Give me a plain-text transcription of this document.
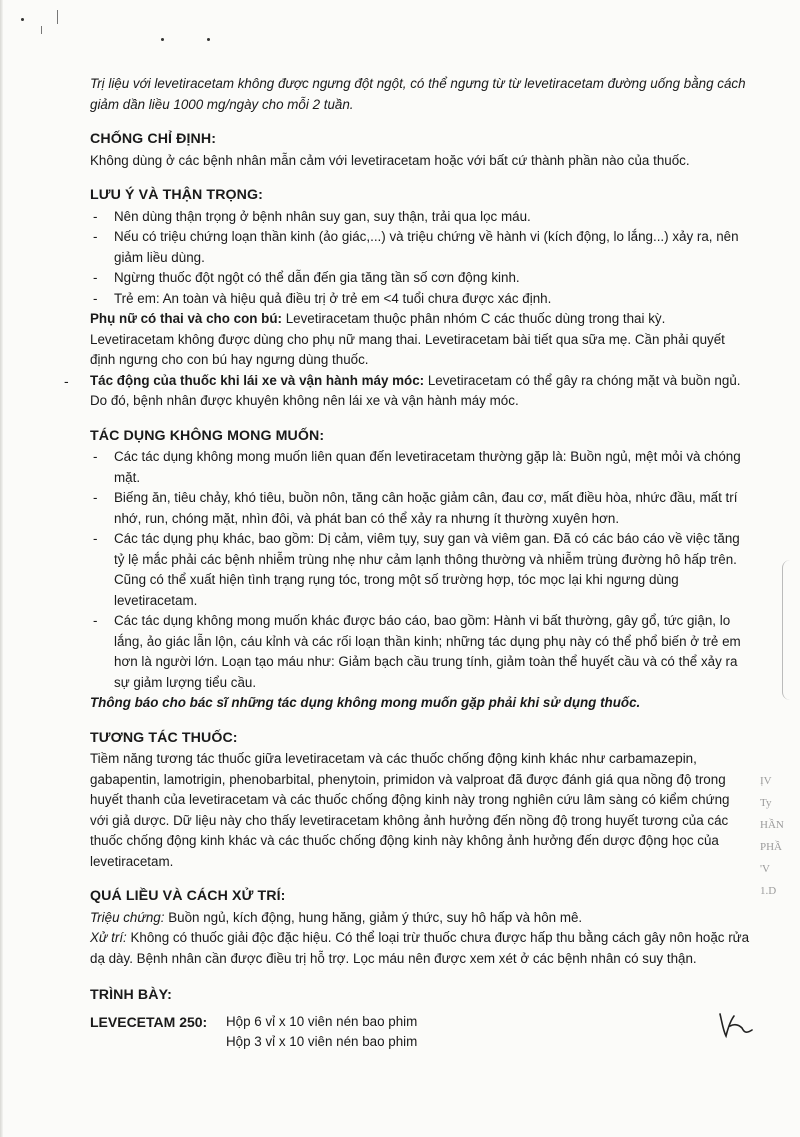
Trị liệu với levetiracetam không được ngưng đột ngột, có thể ngưng từ từ levetiracetam đường uống bằng cách giảm dần liều 1000 mg/ngày cho mỗi 2 tuần.

CHỐNG CHỈ ĐỊNH:

Không dùng ở các bệnh nhân mẫn cảm với levetiracetam hoặc với bất cứ thành phần nào của thuốc.

LƯU Ý VÀ THẬN TRỌNG:
- Nên dùng thận trọng ở bệnh nhân suy gan, suy thận, trải qua lọc máu.
- Nếu có triệu chứng loạn thần kinh (ảo giác,...) và triệu chứng về hành vi (kích động, lo lắng...) xảy ra, nên giảm liều dùng.
- Ngừng thuốc đột ngột có thể dẫn đến gia tăng tần số cơn động kinh.
- Trẻ em: An toàn và hiệu quả điều trị ở trẻ em <4 tuổi chưa được xác định.

Phụ nữ có thai và cho con bú: Levetiracetam thuộc phân nhóm C các thuốc dùng trong thai kỳ. Levetiracetam không được dùng cho phụ nữ mang thai. Levetiracetam bài tiết qua sữa mẹ. Cần phải quyết định ngưng cho con bú hay ngưng dùng thuốc.

- Tác động của thuốc khi lái xe và vận hành máy móc: Levetiracetam có thể gây ra chóng mặt và buồn ngủ. Do đó, bệnh nhân được khuyên không nên lái xe và vận hành máy móc.

TÁC DỤNG KHÔNG MONG MUỐN:
- Các tác dụng không mong muốn liên quan đến levetiracetam thường gặp là: Buồn ngủ, mệt mỏi và chóng mặt.
- Biếng ăn, tiêu chảy, khó tiêu, buồn nôn, tăng cân hoặc giảm cân, đau cơ, mất điều hòa, nhức đầu, mất trí nhớ, run, chóng mặt, nhìn đôi, và phát ban có thể xảy ra nhưng ít thường xuyên hơn.
- Các tác dụng phụ khác, bao gồm: Dị cảm, viêm tụy, suy gan và viêm gan. Đã có các báo cáo về việc tăng tỷ lệ mắc phải các bệnh nhiễm trùng nhẹ như cảm lạnh thông thường và nhiễm trùng đường hô hấp trên. Cũng có thể xuất hiện tình trạng rụng tóc, trong một số trường hợp, tóc mọc lại khi ngưng dùng levetiracetam.
- Các tác dụng không mong muốn khác được báo cáo, bao gồm: Hành vi bất thường, gây gổ, tức giận, lo lắng, ảo giác lẫn lộn, cáu kỉnh và các rối loạn thần kinh; những tác dụng phụ này có thể phổ biến ở trẻ em hơn là người lớn. Loạn tạo máu như: Giảm bạch cầu trung tính, giảm toàn thể huyết cầu và có thể xảy ra sự giảm lượng tiểu cầu.

Thông báo cho bác sĩ những tác dụng không mong muốn gặp phải khi sử dụng thuốc.

TƯƠNG TÁC THUỐC:

Tiềm năng tương tác thuốc giữa levetiracetam và các thuốc chống động kinh khác như carbamazepin, gabapentin, lamotrigin, phenobarbital, phenytoin, primidon và valproat đã được đánh giá qua nồng độ trong huyết thanh của levetiracetam và các thuốc chống động kinh này trong nghiên cứu lâm sàng có kiểm chứng với giả dược. Dữ liệu này cho thấy levetiracetam không ảnh hưởng đến nồng độ trong huyết tương của các thuốc chống động kinh khác và các thuốc chống động kinh này không ảnh hưởng đến dược động học của levetiracetam.

QUÁ LIỀU VÀ CÁCH XỬ TRÍ:

Triệu chứng: Buồn ngủ, kích động, hung hăng, giảm ý thức, suy hô hấp và hôn mê.

Xử trí: Không có thuốc giải độc đặc hiệu. Có thể loại trừ thuốc chưa được hấp thu bằng cách gây nôn hoặc rửa dạ dày. Bệnh nhân cần được điều trị hỗ trợ. Lọc máu nên được xem xét ở các bệnh nhân có suy thận.

TRÌNH BÀY:
LEVECETAM 250:	Hộp 6 vỉ x 10 viên nén bao phim

Hộp 3 vỉ x 10 viên nén bao phim

ỊV
Ty
HẦN
PHẦ
'V
1.D
